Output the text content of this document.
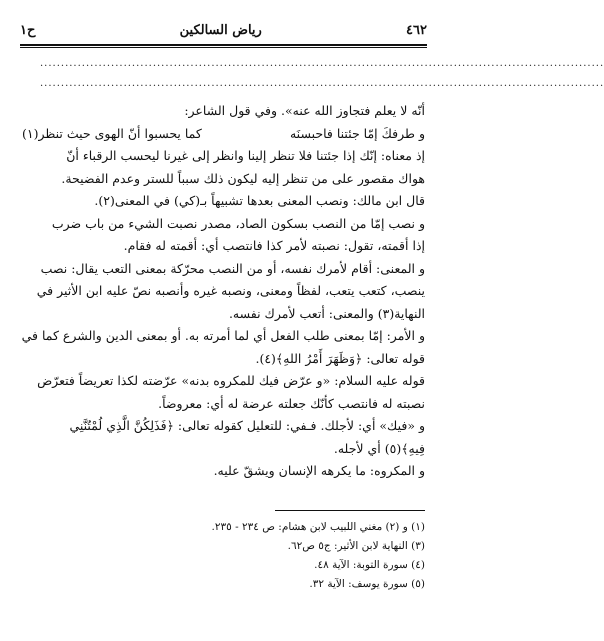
٤٦٢
رياض السالكين
ح١
.......................................................................................................................................
.......................................................................................................................................
أنّه لا يعلم فتجاوز الله عنه». وفي قول الشاعر:
و طرفكَ إمّا جئتنا فاحبسنَه
كما يحسبوا أنّ الهوى حيث تنظر(١)
إذ معناه: إنّك إذا جئتنا فلا تنظر إلينا وانظر إلى غيرنا ليحسب الرقباء أنّ
هواك مقصور على من تنظر إليه ليكون ذلك سبباً للستر وعدم الفضيحة.
قال ابن مالك: ونصب المعنى بعدها تشبيهاً بـ(كي) في المعنى(٢).
و نصب إمّا من النصب بسكون الصاد، مصدر نصبت الشيء من باب ضرب
إذا أقمته، تقول: نصبته لأمر كذا فانتصب أي: أقمته له فقام.
و المعنى: أقام لأمرك نفسه، أو من النصب محرّكة بمعنى التعب يقال: نصب
ينصب، كتعب يتعب، لفظاً ومعنى، ونصبه غيره وأنصبه نصّ عليه ابن الأثير في
النهاية(٣) والمعنى: أتعب لأمرك نفسه.
و الأمر: إمّا بمعنى طلب الفعل أي لما أمرته به. أو بمعنى الدين والشرع كما في
قوله تعالى: ﴿وَظَهَرَ أَمْرُ اللهِ﴾(٤).
قوله عليه السلام: «و عرّض فيك للمكروه بدنه» عرّضته لكذا تعريضاً فتعرّض
نصبته له فانتصب كأنّك جعلته عرضة له أي: معروضاً.
و «فيك» أي: لأجلك. فـفي: للتعليل كقوله تعالى: ﴿فَذَلِكُنَّ الَّذِي لُمْتُنَّنِي
فِيهِ﴾(٥) أي لأجله.
و المكروه: ما يكرهه الإنسان ويشقّ عليه.
(١) و (٢) مغني اللبيب لابن هشام: ص ٢٣٤ - ٢٣٥.
(٣) النهاية لابن الأثير: ج٥ ص٦٢.
(٤) سورة التوبة: الآية ٤٨.
(٥) سورة يوسف: الآية ٣٢.
